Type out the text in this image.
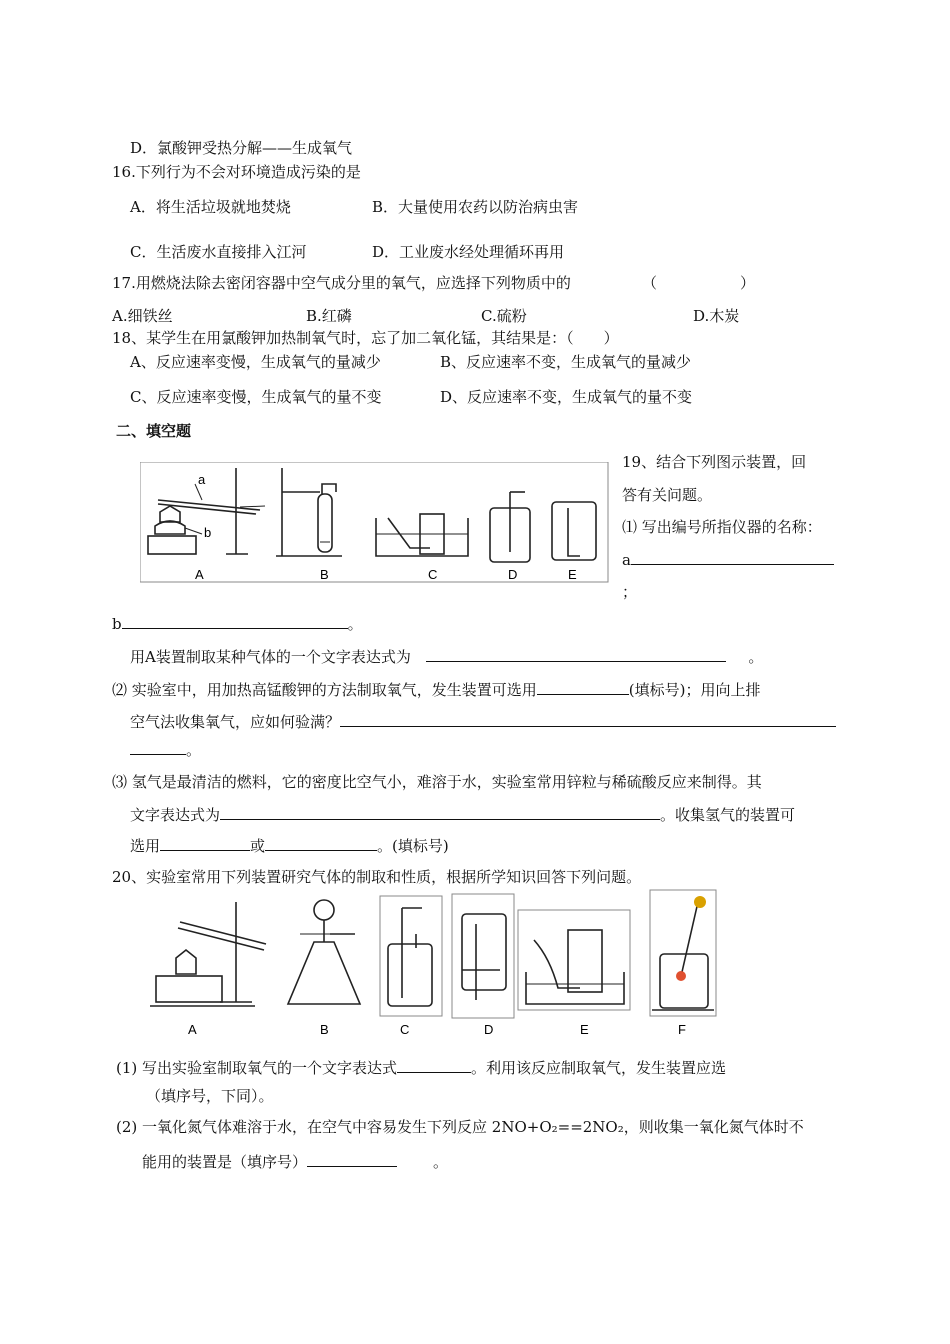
D．氯酸钾受热分解——生成氧气
16.下列行为不会对环境造成污染的是
A．将生活垃圾就地焚烧	B．大量使用农药以防治病虫害
C．生活废水直接排入江河	D．工业废水经处理循环再用
17.用燃烧法除去密闭容器中空气成分里的氧气，应选择下列物质中的	（	）
A.细铁丝	B.红磷	C.硫粉	D.木炭
18、某学生在用氯酸钾加热制氧气时，忘了加二氧化锰，其结果是：（　　）
A、反应速率变慢，生成氧气的量减少	B、反应速率不变，生成氧气的量减少
C、反应速率变慢，生成氧气的量不变	D、反应速率不变，生成氧气的量不变
二、填空题
a
b
A	B	C	D	E
19、结合下列图示装置，回
答有关问题。
⑴ 写出编号所指仪器的名称：
a
；
b	。
用A装置制取某种气体的一个文字表达式为	。
⑵ 实验室中，用加热高锰酸钾的方法制取氧气，发生装置可选用	(填标号)；用向上排
空气法收集氧气，应如何验满？
。
⑶ 氢气是最清洁的燃料，它的密度比空气小，难溶于水，实验室常用锌粒与稀硫酸反应来制得。其
文字表达式为	。收集氢气的装置可
选用	或	。(填标号)
20、实验室常用下列装置研究气体的制取和性质，根据所学知识回答下列问题。
A	B	C	D	E	F
(1) 写出实验室制取氧气的一个文字表达式	。利用该反应制取氧气，发生装置应选
（填序号，下同）。
(2) 一氧化氮气体难溶于水，在空气中容易发生下列反应 2NO+O₂==2NO₂，则收集一氧化氮气体时不
能用的装置是（填序号）	。
